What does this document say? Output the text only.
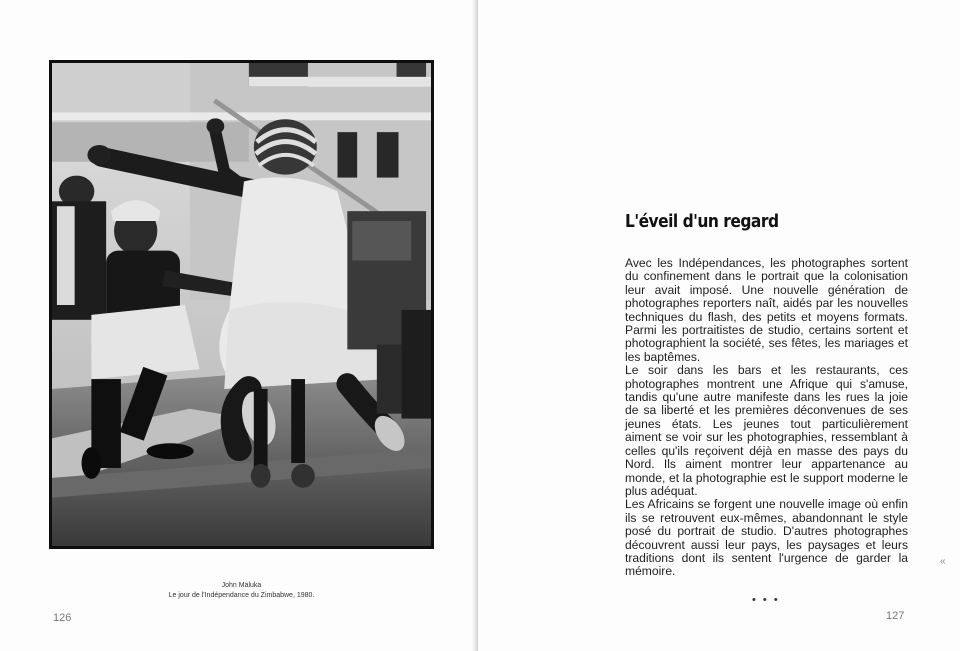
John Maluka
Le jour de l'Indépendance du Zimbabwe, 1980.
126
L'éveil d'un regard

Avec les Indépendances, les photographes sortent du confinement dans le portrait que la colonisation leur avait imposé. Une nouvelle génération de photographes reporters naît, aidés par les nouvelles techniques du flash, des petits et moyens formats. Parmi les portraitistes de studio, certains sortent et photographient la société, ses fêtes, les mariages et les baptêmes.

Le soir dans les bars et les restaurants, ces photographes montrent une Afrique qui s'amuse, tandis qu'une autre manifeste dans les rues la joie de sa liberté et les premières déconvenues de ses jeunes états. Les jeunes tout particulièrement aiment se voir sur les photographies, ressemblant à celles qu'ils reçoivent déjà en masse des pays du Nord. Ils aiment montrer leur appartenance au monde, et la photographie est le support moderne le plus adéquat.

Les Africains se forgent une nouvelle image où enfin ils se retrouvent eux-mêmes, abandonnant le style posé du portrait de studio. D'autres photographes découvrent aussi leur pays, les paysages et leurs traditions dont ils sentent l'urgence de garder la mémoire.

• • •
127
«
